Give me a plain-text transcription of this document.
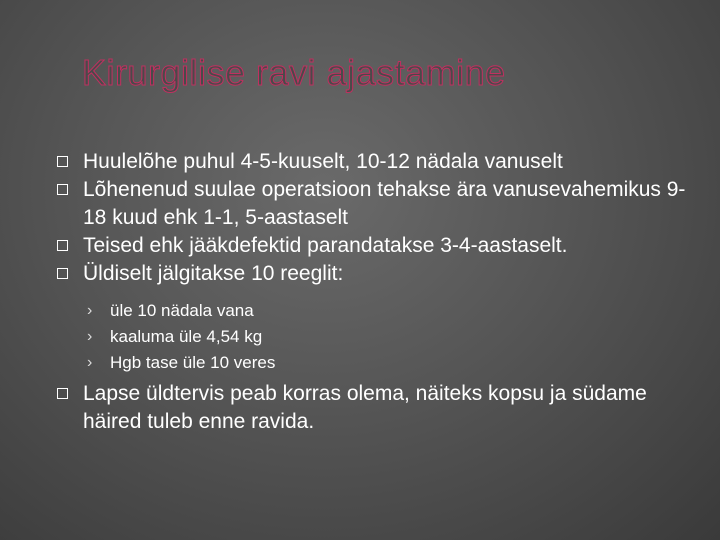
Kirurgilise ravi ajastamine
Huulelõhe puhul 4-5-kuuselt, 10-12 nädala vanuselt
Lõhenenud suulae operatsioon tehakse ära vanusevahemikus 9-18 kuud ehk 1-1, 5-aastaselt
Teised ehk jääkdefektid parandatakse 3-4-aastaselt.
Üldiselt jälgitakse 10 reeglit:
› üle 10 nädala vana
› kaaluma üle 4,54 kg
› Hgb tase üle 10 veres
Lapse üldtervis peab korras olema, näiteks kopsu ja südame häired tuleb enne ravida.
